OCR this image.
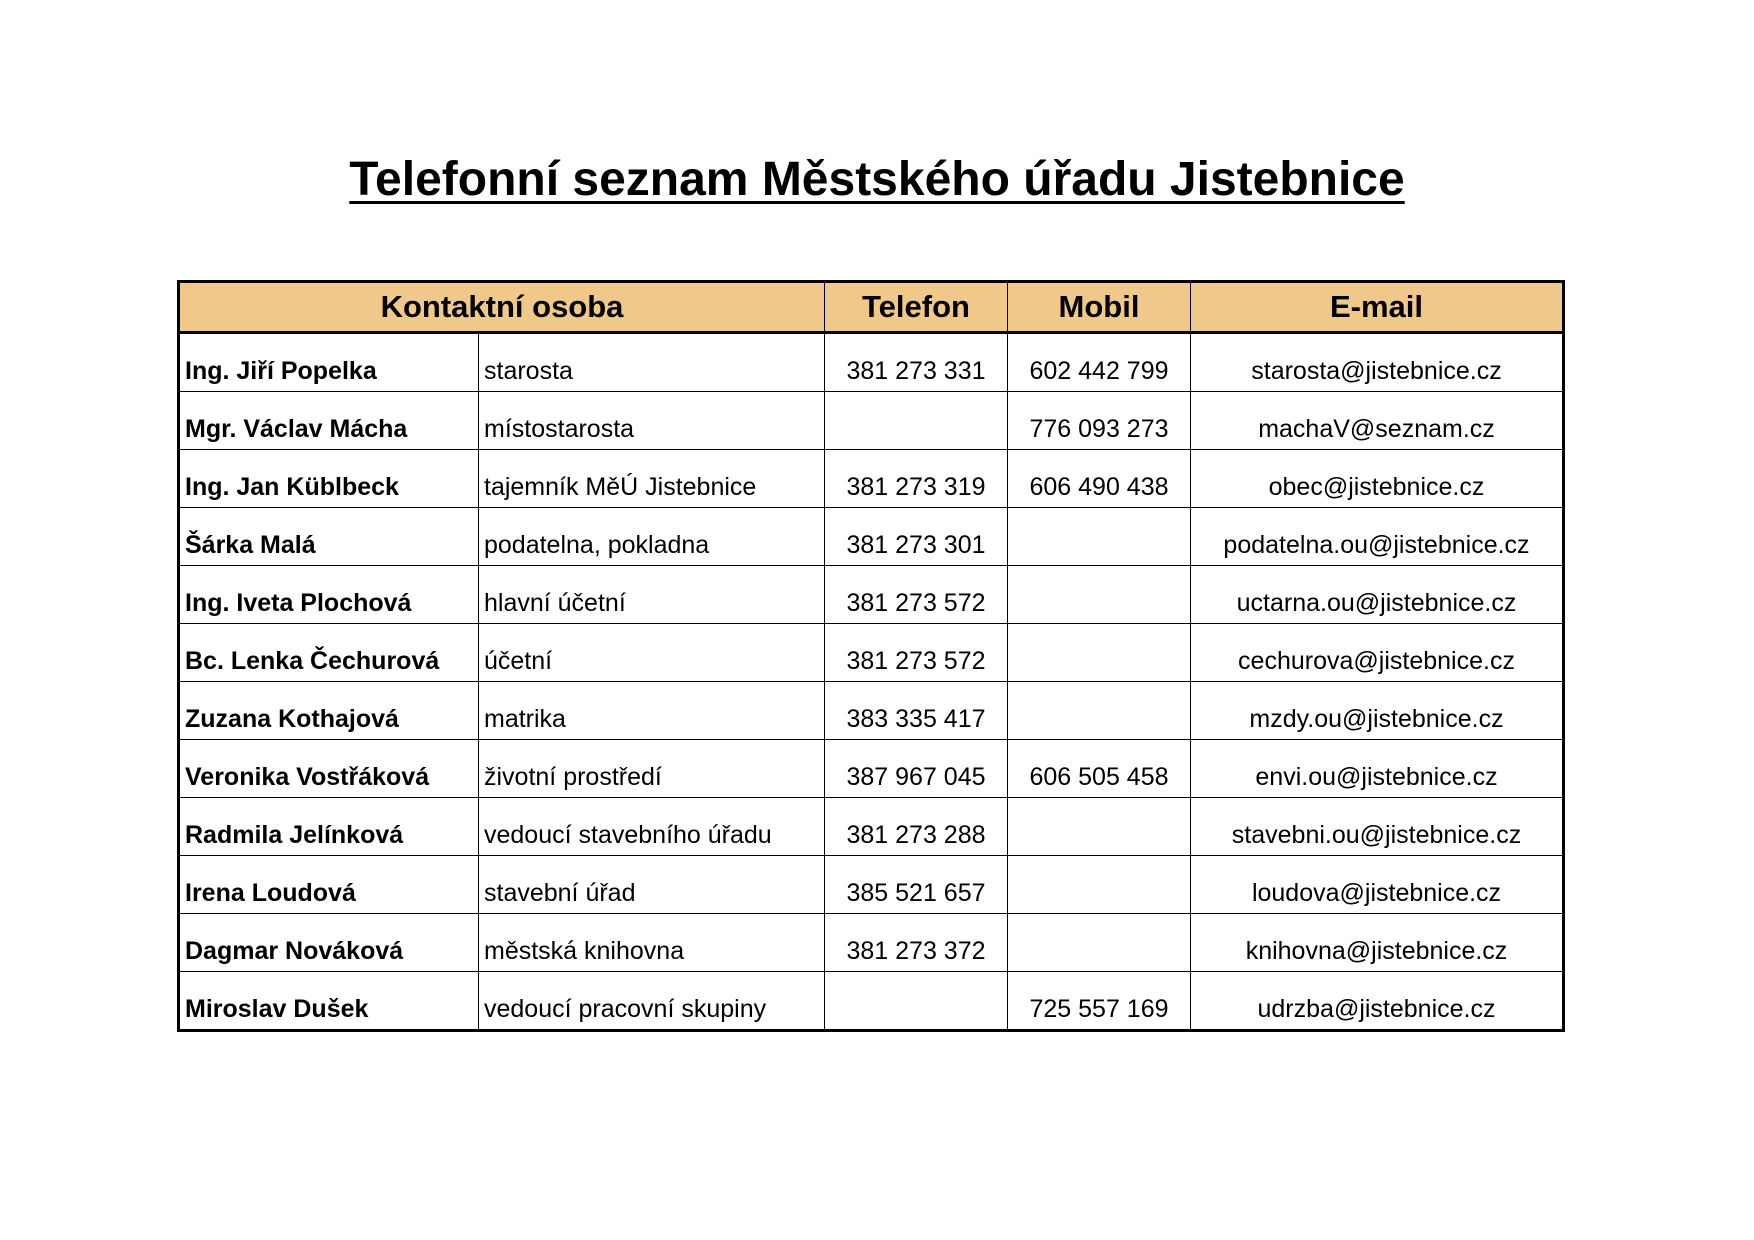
Telefonní seznam Městského úřadu Jistebnice
Kontaktní osoba		Telefon	Mobil	E-mail
Ing. Jiří Popelka	starosta	381 273 331	602 442 799	starosta@jistebnice.cz
Mgr. Václav Mácha	místostarosta		776 093 273	machaV@seznam.cz
Ing. Jan Küblbeck	tajemník MěÚ Jistebnice	381 273 319	606 490 438	obec@jistebnice.cz
Šárka Malá	podatelna, pokladna	381 273 301		podatelna.ou@jistebnice.cz
Ing. Iveta Plochová	hlavní účetní	381 273 572		uctarna.ou@jistebnice.cz
Bc. Lenka Čechurová	účetní	381 273 572		cechurova@jistebnice.cz
Zuzana Kothajová	matrika	383 335 417		mzdy.ou@jistebnice.cz
Veronika Vostřáková	životní prostředí	387 967 045	606 505 458	envi.ou@jistebnice.cz
Radmila Jelínková	vedoucí stavebního úřadu	381 273 288		stavebni.ou@jistebnice.cz
Irena Loudová	stavební úřad	385 521 657		loudova@jistebnice.cz
Dagmar Nováková	městská knihovna	381 273 372		knihovna@jistebnice.cz
Miroslav Dušek	vedoucí pracovní skupiny		725 557 169	udrzba@jistebnice.cz
